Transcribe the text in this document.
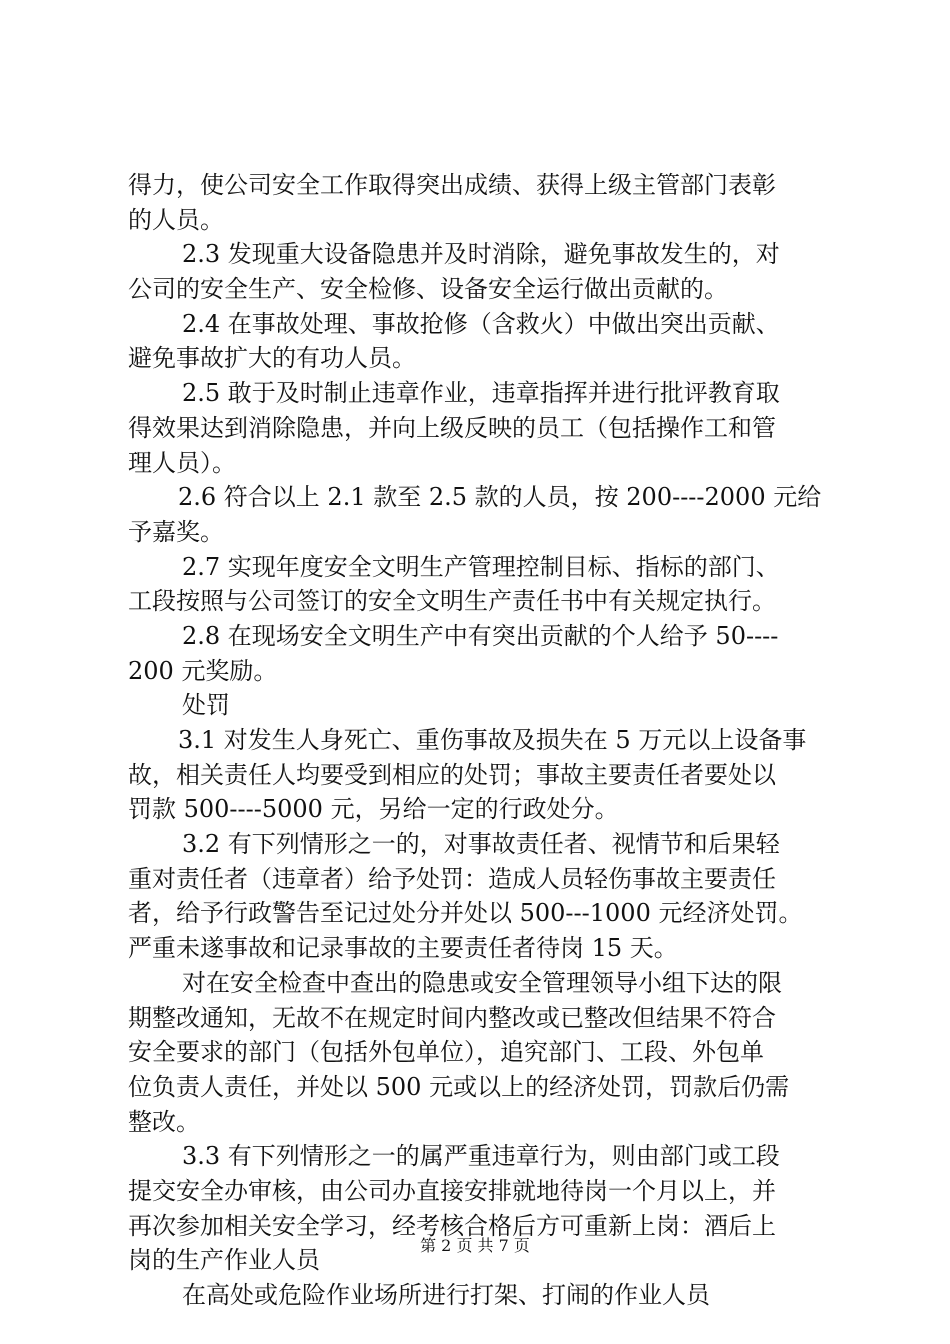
得力，使公司安全工作取得突出成绩、获得上级主管部门表彰
的人员。
2.3 发现重大设备隐患并及时消除，避免事故发生的，对
公司的安全生产、安全检修、设备安全运行做出贡献的。
2.4 在事故处理、事故抢修（含救火）中做出突出贡献、
避免事故扩大的有功人员。
2.5 敢于及时制止违章作业，违章指挥并进行批评教育取
得效果达到消除隐患，并向上级反映的员工（包括操作工和管
理人员）。
2.6 符合以上 2.1 款至 2.5 款的人员，按 200----2000 元给
予嘉奖。
2.7 实现年度安全文明生产管理控制目标、指标的部门、
工段按照与公司签订的安全文明生产责任书中有关规定执行。
2.8 在现场安全文明生产中有突出贡献的个人给予 50----
200 元奖励。
处罚
3.1 对发生人身死亡、重伤事故及损失在 5 万元以上设备事
故，相关责任人均要受到相应的处罚；事故主要责任者要处以
罚款 500----5000 元，另给一定的行政处分。
3.2 有下列情形之一的，对事故责任者、视情节和后果轻
重对责任者（违章者）给予处罚：造成人员轻伤事故主要责任
者，给予行政警告至记过处分并处以 500---1000 元经济处罚。
严重未遂事故和记录事故的主要责任者待岗 15 天。
对在安全检查中查出的隐患或安全管理领导小组下达的限
期整改通知，无故不在规定时间内整改或已整改但结果不符合
安全要求的部门（包括外包单位），追究部门、工段、外包单
位负责人责任，并处以 500 元或以上的经济处罚，罚款后仍需
整改。
3.3 有下列情形之一的属严重违章行为，则由部门或工段
提交安全办审核，由公司办直接安排就地待岗一个月以上，并
再次参加相关安全学习，经考核合格后方可重新上岗：酒后上
岗的生产作业人员
在高处或危险作业场所进行打架、打闹的作业人员
第 2 页 共 7 页
